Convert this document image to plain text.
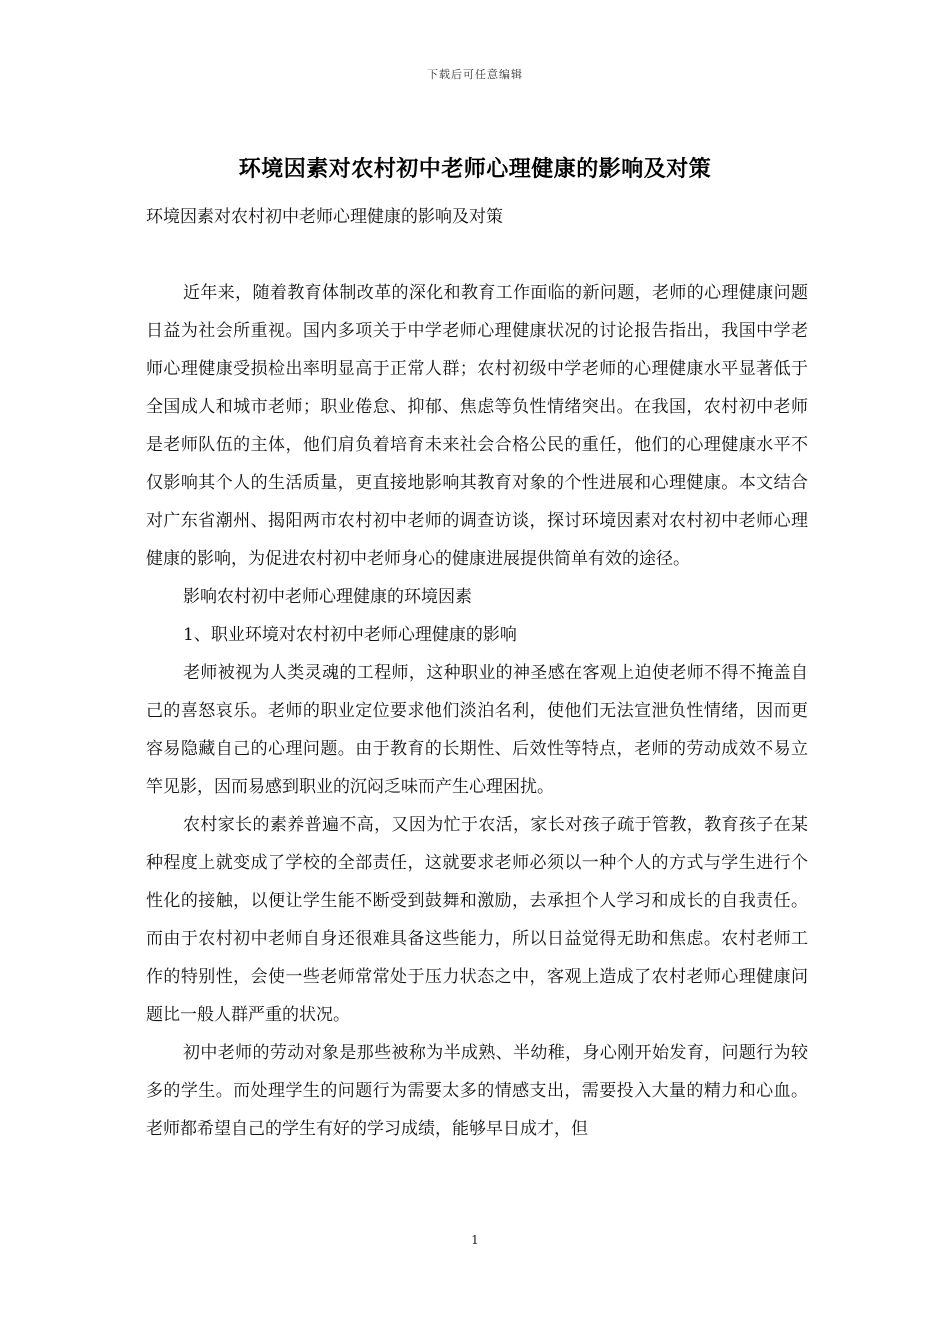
下载后可任意编辑
环境因素对农村初中老师心理健康的影响及对策

环境因素对农村初中老师心理健康的影响及对策

近年来，随着教育体制改革的深化和教育工作面临的新问题，老师的心理健康问题日益为社会所重视。国内多项关于中学老师心理健康状况的讨论报告指出，我国中学老师心理健康受损检出率明显高于正常人群；农村初级中学老师的心理健康水平显著低于全国成人和城市老师；职业倦怠、抑郁、焦虑等负性情绪突出。在我国，农村初中老师是老师队伍的主体，他们肩负着培育未来社会合格公民的重任，他们的心理健康水平不仅影响其个人的生活质量，更直接地影响其教育对象的个性进展和心理健康。本文结合对广东省潮州、揭阳两市农村初中老师的调查访谈，探讨环境因素对农村初中老师心理健康的影响，为促进农村初中老师身心的健康进展提供简单有效的途径。

影响农村初中老师心理健康的环境因素

1、职业环境对农村初中老师心理健康的影响

老师被视为人类灵魂的工程师，这种职业的神圣感在客观上迫使老师不得不掩盖自己的喜怒哀乐。老师的职业定位要求他们淡泊名利，使他们无法宣泄负性情绪，因而更容易隐藏自己的心理问题。由于教育的长期性、后效性等特点，老师的劳动成效不易立竿见影，因而易感到职业的沉闷乏味而产生心理困扰。

农村家长的素养普遍不高，又因为忙于农活，家长对孩子疏于管教，教育孩子在某种程度上就变成了学校的全部责任，这就要求老师必须以一种个人的方式与学生进行个性化的接触，以便让学生能不断受到鼓舞和激励，去承担个人学习和成长的自我责任。而由于农村初中老师自身还很难具备这些能力，所以日益觉得无助和焦虑。农村老师工作的特别性，会使一些老师常常处于压力状态之中，客观上造成了农村老师心理健康问题比一般人群严重的状况。

初中老师的劳动对象是那些被称为半成熟、半幼稚，身心刚开始发育，问题行为较多的学生。而处理学生的问题行为需要太多的情感支出，需要投入大量的精力和心血。老师都希望自己的学生有好的学习成绩，能够早日成才，但

1
